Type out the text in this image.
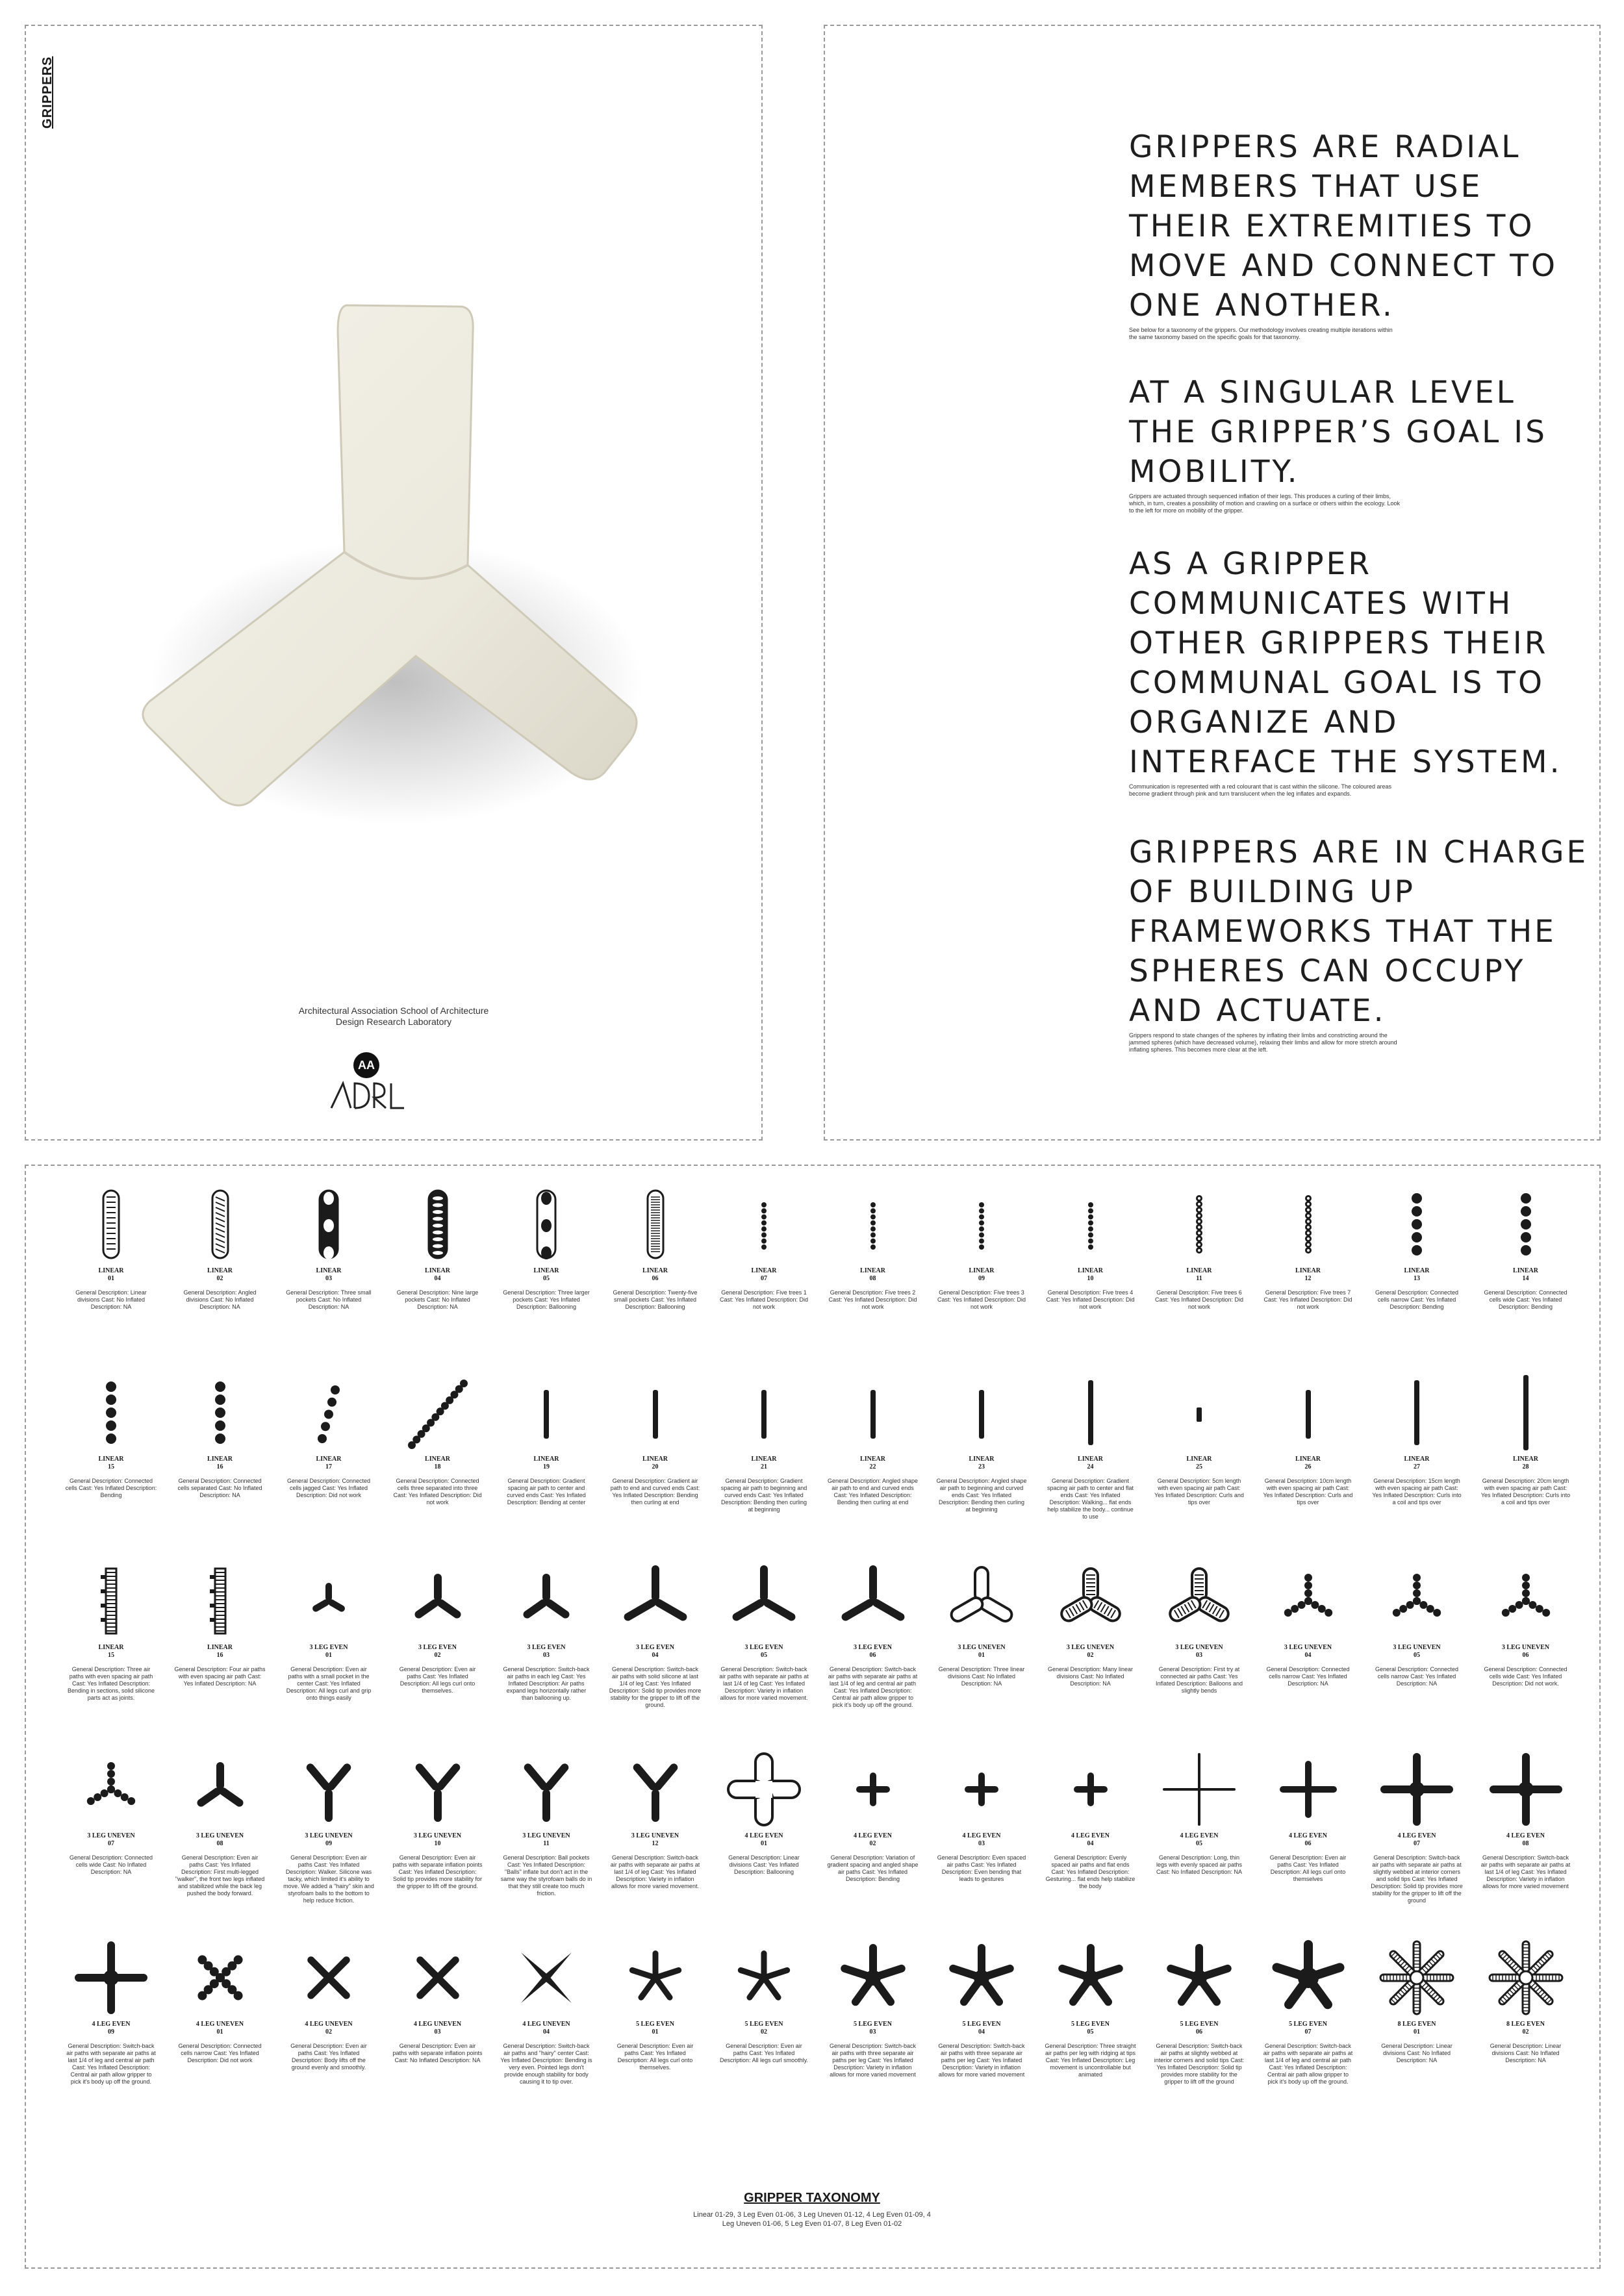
GRIPPERS
Architectural Association School of Architecture
Design Research Laboratory
AA

GRIPPERS ARE RADIAL MEMBERS THAT USE THEIR EXTREMITIES TO MOVE AND CONNECT TO ONE ANOTHER.

See below for a taxonomy of the grippers. Our methodology involves creating multiple iterations within the same taxonomy based on the specific goals for that taxonomy.

AT A SINGULAR LEVEL THE GRIPPER’S GOAL IS MOBILITY.

Grippers are actuated through sequenced inflation of their legs. This produces a curling of their limbs, which, in turn, creates a possibility of motion and crawling on a surface or others within the ecology. Look to the left for more on mobility of the gripper.

AS A GRIPPER COMMUNICATES WITH OTHER GRIPPERS THEIR COMMUNAL GOAL IS TO ORGANIZE AND INTERFACE THE SYSTEM.

Communication is represented with a red colourant that is cast within the silicone. The coloured areas become gradient through pink and turn translucent when the leg inflates and expands.

GRIPPERS ARE IN CHARGE OF BUILDING UP FRAMEWORKS THAT THE SPHERES CAN OCCUPY AND ACTUATE.

Grippers respond to state changes of the spheres by inflating their limbs and constricting around the jammed spheres (which have decreased volume), relaxing their limbs and allow for more stretch around inflating spheres. This becomes more clear at the left.
GRIPPER TAXONOMY
Linear 01-29, 3 Leg Even 01-06, 3 Leg Uneven 01-12, 4 Leg Even 01-09, 4 Leg Uneven 01-06, 5 Leg Even 01-07, 8 Leg Even 01-02
LINEAR
01
General Description: Linear divisions Cast: No Inflated Description: NA
LINEAR
02
General Description: Angled divisions Cast: No Inflated Description: NA
LINEAR
03
General Description: Three small pockets Cast: No Inflated Description: NA
LINEAR
04
General Description: Nine large pockets Cast: No Inflated Description: NA
LINEAR
05
General Description: Three larger pockets Cast: Yes Inflated Description: Ballooning
LINEAR
06
General Description: Twenty-five small pockets Cast: Yes Inflated Description: Ballooning
LINEAR
07
General Description: Five trees 1 Cast: Yes Inflated Description: Did not work
LINEAR
08
General Description: Five trees 2 Cast: Yes Inflated Description: Did not work
LINEAR
09
General Description: Five trees 3 Cast: Yes Inflated Description: Did not work
LINEAR
10
General Description: Five trees 4 Cast: Yes Inflated Description: Did not work
LINEAR
11
General Description: Five trees 6 Cast: Yes Inflated Description: Did not work
LINEAR
12
General Description: Five trees 7 Cast: Yes Inflated Description: Did not work
LINEAR
13
General Description: Connected cells narrow Cast: Yes Inflated Description: Bending
LINEAR
14
General Description: Connected cells wide Cast: Yes Inflated Description: Bending
LINEAR
15
General Description: Connected cells Cast: Yes Inflated Description: Bending
LINEAR
16
General Description: Connected cells separated Cast: No Inflated Description: NA
LINEAR
17
General Description: Connected cells jagged Cast: Yes Inflated Description: Did not work
LINEAR
18
General Description: Connected cells three separated into three Cast: Yes Inflated Description: Did not work
LINEAR
19
General Description: Gradient spacing air path to center and curved ends Cast: Yes Inflated Description: Bending at center
LINEAR
20
General Description: Gradient air path to end and curved ends Cast: Yes Inflated Description: Bending then curling at end
LINEAR
21
General Description: Gradient spacing air path to beginning and curved ends Cast: Yes Inflated Description: Bending then curling at beginning
LINEAR
22
General Description: Angled shape air path to end and curved ends Cast: Yes Inflated Description: Bending then curling at end
LINEAR
23
General Description: Angled shape air path to beginning and curved ends Cast: Yes Inflated Description: Bending then curling at beginning
LINEAR
24
General Description: Gradient spacing air path to center and flat ends Cast: Yes Inflated Description: Walking... flat ends help stabilize the body... continue to use
LINEAR
25
General Description: 5cm length with even spacing air path Cast: Yes Inflated Description: Curls and tips over
LINEAR
26
General Description: 10cm length with even spacing air path Cast: Yes Inflated Description: Curls and tips over
LINEAR
27
General Description: 15cm length with even spacing air path Cast: Yes Inflated Description: Curls into a coil and tips over
LINEAR
28
General Description: 20cm length with even spacing air path Cast: Yes Inflated Description: Curls into a coil and tips over
LINEAR
15
General Description: Three air paths with even spacing air path Cast: Yes Inflated Description: Bending in sections, solid silicone parts act as joints.
LINEAR
16
General Description: Four air paths with even spacing air path Cast: Yes Inflated Description: NA
3 LEG EVEN
01
General Description: Even air paths with a small pocket in the center Cast: Yes Inflated Description: All legs curl and grip onto things easily
3 LEG EVEN
02
General Description: Even air paths Cast: Yes Inflated Description: All legs curl onto themselves.
3 LEG EVEN
03
General Description: Switch-back air paths in each leg Cast: Yes Inflated Description: Air paths expand legs horizontally rather than ballooning up.
3 LEG EVEN
04
General Description: Switch-back air paths with solid silicone at last 1/4 of leg Cast: Yes Inflated Description: Solid tip provides more stability for the gripper to lift off the ground.
3 LEG EVEN
05
General Description: Switch-back air paths with separate air paths at last 1/4 of leg Cast: Yes Inflated Description: Variety in inflation allows for more varied movement.
3 LEG EVEN
06
General Description: Switch-back air paths with separate air paths at last 1/4 of leg and central air path Cast: Yes Inflated Description: Central air path allow gripper to pick it's body up off the ground.
3 LEG UNEVEN
01
General Description: Three linear divisions Cast: No Inflated Description: NA
3 LEG UNEVEN
02
General Description: Many linear divisions Cast: No Inflated Description: NA
3 LEG UNEVEN
03
General Description: First try at connected air paths Cast: Yes Inflated Description: Balloons and slightly bends
3 LEG UNEVEN
04
General Description: Connected cells narrow Cast: Yes Inflated Description: NA
3 LEG UNEVEN
05
General Description: Connected cells narrow Cast: Yes Inflated Description: NA
3 LEG UNEVEN
06
General Description: Connected cells wide Cast: Yes Inflated Description: Did not work.
3 LEG UNEVEN
07
General Description: Connected cells wide Cast: No Inflated Description: NA
3 LEG UNEVEN
08
General Description: Even air paths Cast: Yes Inflated Description: First multi-legged "walker", the front two legs inflated and stabilized while the back leg pushed the body forward.
3 LEG UNEVEN
09
General Description: Even air paths Cast: Yes Inflated Description: Walker. Silicone was tacky, which limited it's ability to move. We added a "hairy" skin and styrofoam balls to the bottom to help reduce friction.
3 LEG UNEVEN
10
General Description: Even air paths with separate inflation points Cast: Yes Inflated Description: Solid tip provides more stability for the gripper to lift off the ground.
3 LEG UNEVEN
11
General Description: Ball pockets Cast: Yes Inflated Description: "Balls" inflate but don't act in the same way the styrofoam balls do in that they still create too much friction.
3 LEG UNEVEN
12
General Description: Switch-back air paths with separate air paths at last 1/4 of leg Cast: Yes Inflated Description: Variety in inflation allows for more varied movement.
4 LEG EVEN
01
General Description: Linear divisions Cast: Yes Inflated Description: Ballooning
4 LEG EVEN
02
General Description: Variation of gradient spacing and angled shape air paths Cast: Yes Inflated Description: Bending
4 LEG EVEN
03
General Description: Even spaced air paths Cast: Yes Inflated Description: Even bending that leads to gestures
4 LEG EVEN
04
General Description: Evenly spaced air paths and flat ends Cast: Yes Inflated Description: Gesturing... flat ends help stabilize the body
4 LEG EVEN
05
General Description: Long, thin legs with evenly spaced air paths Cast: No Inflated Description: NA
4 LEG EVEN
06
General Description: Even air paths Cast: Yes Inflated Description: All legs curl onto themselves
4 LEG EVEN
07
General Description: Switch-back air paths with separate air paths at slightly webbed at interior corners and solid tips Cast: Yes Inflated Description: Solid tip provides more stability for the gripper to lift off the ground
4 LEG EVEN
08
General Description: Switch-back air paths with separate air paths at last 1/4 of leg Cast: Yes Inflated Description: Variety in inflation allows for more varied movement
4 LEG EVEN
09
General Description: Switch-back air paths with separate air paths at last 1/4 of leg and central air path Cast: Yes Inflated Description: Central air path allow gripper to pick it's body up off the ground.
4 LEG UNEVEN
01
General Description: Connected cells narrow Cast: Yes Inflated Description: Did not work
4 LEG UNEVEN
02
General Description: Even air paths Cast: Yes Inflated Description: Body lifts off the ground evenly and smoothly.
4 LEG UNEVEN
03
General Description: Even air paths with separate inflation points Cast: No Inflated Description: NA
4 LEG UNEVEN
04
General Description: Switch-back air paths and "hairy" center Cast: Yes Inflated Description: Bending is very even. Pointed legs don't provide enough stability for body causing it to tip over.
5 LEG EVEN
01
General Description: Even air paths Cast: Yes Inflated Description: All legs curl onto themselves.
5 LEG EVEN
02
General Description: Even air paths Cast: Yes Inflated Description: All legs curl smoothly.
5 LEG EVEN
03
General Description: Switch-back air paths with three separate air paths per leg Cast: Yes Inflated Description: Variety in inflation allows for more varied movement
5 LEG EVEN
04
General Description: Switch-back air paths with three separate air paths per leg Cast: Yes Inflated Description: Variety in inflation allows for more varied movement
5 LEG EVEN
05
General Description: Three straight air paths per leg with ridging at tips Cast: Yes Inflated Description: Leg movement is uncontrollable but animated
5 LEG EVEN
06
General Description: Switch-back air paths at slightly webbed at interior corners and solid tips Cast: Yes Inflated Description: Solid tip provides more stability for the gripper to lift off the ground
5 LEG EVEN
07
General Description: Switch-back air paths with separate air paths at last 1/4 of leg and central air path Cast: Yes Inflated Description: Central air path allow gripper to pick it's body up off the ground.
8 LEG EVEN
01
General Description: Linear divisions Cast: No Inflated Description: NA
8 LEG EVEN
02
General Description: Linear divisions Cast: No Inflated Description: NA
